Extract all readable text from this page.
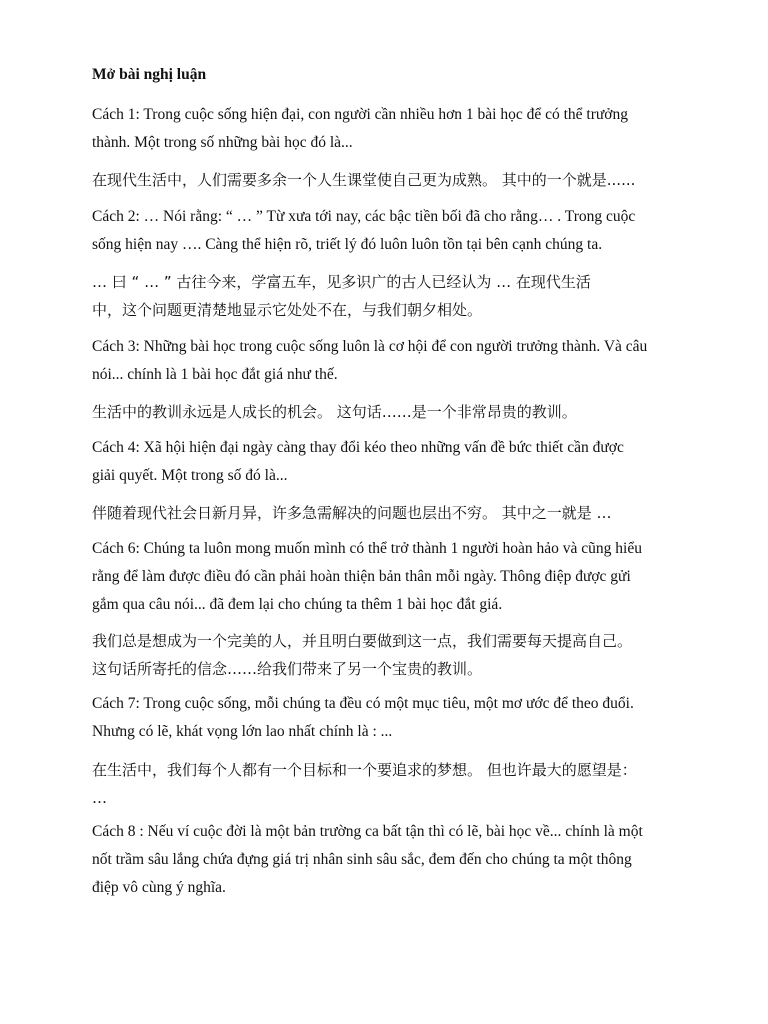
Mở bài nghị luận
Cách 1: Trong cuộc sống hiện đại, con người cần nhiều hơn 1 bài học để có thể trưởng
thành. Một trong số những bài học đó là...
在现代生活中，人们需要多余一个人生课堂使自己更为成熟。 其中的一个就是......
Cách 2: … Nói rằng: “ … ” Từ xưa tới nay, các bậc tiền bối đã cho rằng… . Trong cuộc
sống hiện nay …. Càng thể hiện rõ, triết lý đó luôn luôn tồn tại bên cạnh chúng ta.
… 曰 “ … ” 古往今来，学富五车，见多识广的古人已经认为 … 在现代生活
中，这个问题更清楚地显示它处处不在，与我们朝夕相处。
Cách 3: Những bài học trong cuộc sống luôn là cơ hội để con người trưởng thành. Và câu
nói... chính là 1 bài học đắt giá như thế.
生活中的教训永远是人成长的机会。 这句话……是一个非常昂贵的教训。
Cách 4: Xã hội hiện đại ngày càng thay đổi kéo theo những vấn đề bức thiết cần được
giải quyết. Một trong số đó là...
伴随着现代社会日新月异，许多急需解决的问题也层出不穷。 其中之一就是 …
Cách 6: Chúng ta luôn mong muốn mình có thể trở thành 1 người hoàn hảo và cũng hiểu
rằng để làm được điều đó cần phải hoàn thiện bản thân mỗi ngày. Thông điệp được gửi
gắm qua câu nói... đã đem lại cho chúng ta thêm 1 bài học đắt giá.
我们总是想成为一个完美的人，并且明白要做到这一点，我们需要每天提高自己。
这句话所寄托的信念……给我们带来了另一个宝贵的教训。
Cách 7: Trong cuộc sống, mỗi chúng ta đều có một mục tiêu, một mơ ước để theo đuổi.
Nhưng có lẽ, khát vọng lớn lao nhất chính là : ...
在生活中，我们每个人都有一个目标和一个要追求的梦想。 但也许最大的愿望是：
…
Cách 8 : Nếu ví cuộc đời là một bản trường ca bất tận thì có lẽ, bài học về... chính là một
nốt trầm sâu lắng chứa đựng giá trị nhân sinh sâu sắc, đem đến cho chúng ta một thông
điệp vô cùng ý nghĩa.
